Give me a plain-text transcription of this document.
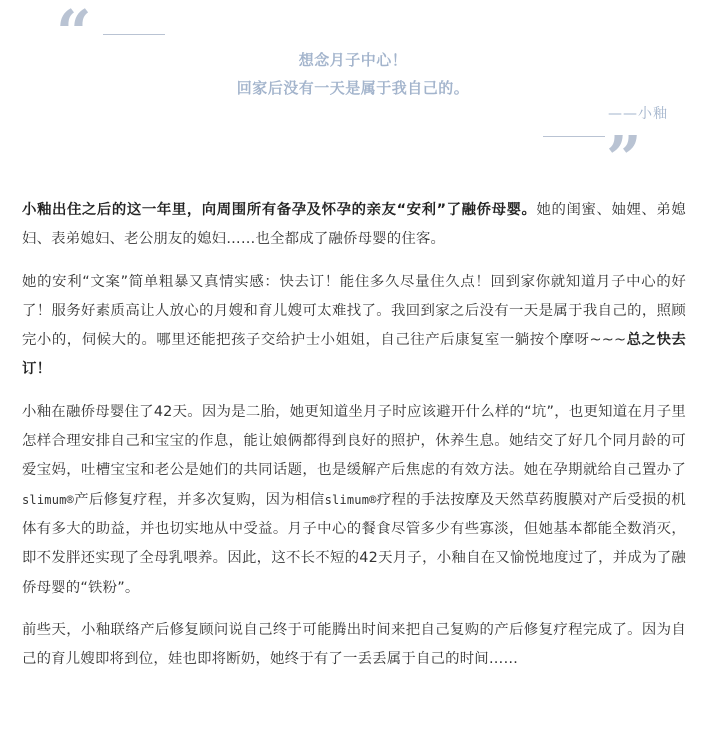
“	想念月子中心！
回家后没有一天是属于我自己的。
——小釉
”

小釉出住之后的这一年里，向周围所有备孕及怀孕的亲友“安利”了融侨母婴。她的闺蜜、妯娌、弟媳妇、表弟媳妇、老公朋友的媳妇……也全都成了融侨母婴的住客。

她的安利“文案”简单粗暴又真情实感：快去订！能住多久尽量住久点！回到家你就知道月子中心的好了！服务好素质高让人放心的月嫂和育儿嫂可太难找了。我回到家之后没有一天是属于我自己的，照顾完小的，伺候大的。哪里还能把孩子交给护士小姐姐，自己往产后康复室一躺按个摩呀~~~总之快去订！

小釉在融侨母婴住了42天。因为是二胎，她更知道坐月子时应该避开什么样的“坑”，也更知道在月子里怎样合理安排自己和宝宝的作息，能让娘俩都得到良好的照护，休养生息。她结交了好几个同月龄的可爱宝妈，吐槽宝宝和老公是她们的共同话题，也是缓解产后焦虑的有效方法。她在孕期就给自己置办了slimum®产后修复疗程，并多次复购，因为相信slimum®疗程的手法按摩及天然草药腹膜对产后受损的机体有多大的助益，并也切实地从中受益。月子中心的餐食尽管多少有些寡淡，但她基本都能全数消灭，即不发胖还实现了全母乳喂养。因此，这不长不短的42天月子，小釉自在又愉悦地度过了，并成为了融侨母婴的“铁粉”。

前些天，小釉联络产后修复顾问说自己终于可能腾出时间来把自己复购的产后修复疗程完成了。因为自己的育儿嫂即将到位，娃也即将断奶，她终于有了一丢丢属于自己的时间……
